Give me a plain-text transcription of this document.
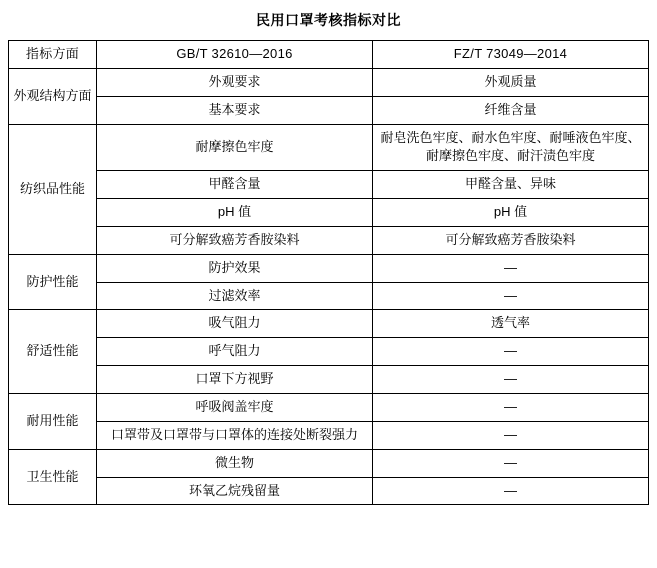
民用口罩考核指标对比
指标方面	GB/T 32610—2016	FZ/T 73049—2014
外观结构方面	外观要求	外观质量
	基本要求	纤维含量
纺织品性能	耐摩擦色牢度	耐皂洗色牢度、耐水色牢度、耐唾液色牢度、耐摩擦色牢度、耐汗渍色牢度
	甲醛含量	甲醛含量、异味
	pH 值	pH 值
	可分解致癌芳香胺染料	可分解致癌芳香胺染料
防护性能	防护效果	—
	过滤效率	—
舒适性能	吸气阻力	透气率
	呼气阻力	—
	口罩下方视野	—
耐用性能	呼吸阀盖牢度	—
	口罩带及口罩带与口罩体的连接处断裂强力	—
卫生性能	微生物	—
	环氧乙烷残留量	—
